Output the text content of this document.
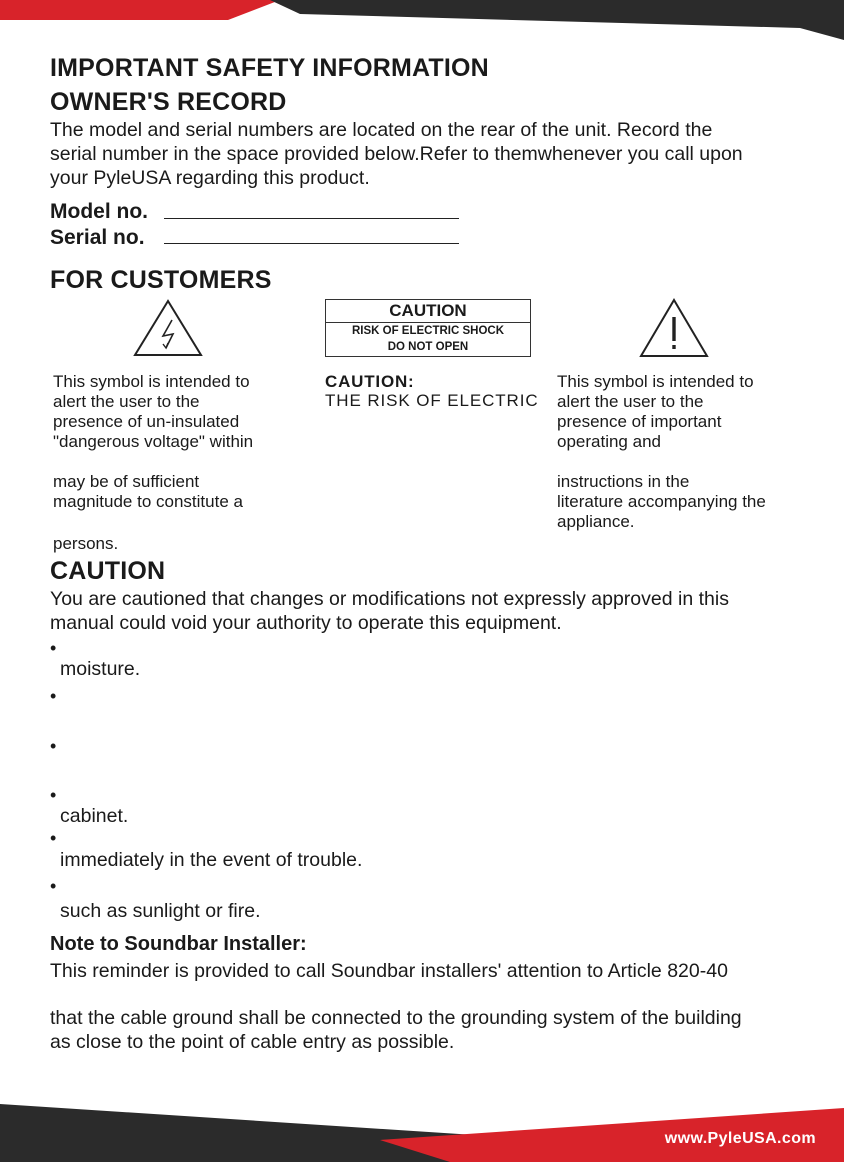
IMPORTANT SAFETY INFORMATION
OWNER'S RECORD
The model and serial numbers are located on the rear of the unit. Record the
serial number in the space provided below.Refer to themwhenever you call upon
your PyleUSA regarding this product.
Model no.
Serial no.
FOR CUSTOMERS
CAUTION
RISK OF ELECTRIC SHOCK
DO NOT OPEN
This symbol is intended to
alert the user to the
presence of un-insulated
"dangerous voltage" within
may be of sufficient
magnitude to constitute a
persons.
CAUTION:
THE RISK OF ELECTRIC
This symbol is intended to
alert the user to the
presence of important
operating and
instructions in the
literature accompanying the
appliance.
CAUTION
You are cautioned that changes or modifications not expressly approved in this
manual could void your authority to operate this equipment.
•
moisture.
•
•
•
cabinet.
•
immediately in the event of trouble.
•
such as sunlight or fire.
Note to Soundbar Installer:
This reminder is provided to call Soundbar installers' attention to Article 820-40
that the cable ground shall be connected to the grounding system of the building
as close to the point of cable entry as possible.
www.PyleUSA.com
